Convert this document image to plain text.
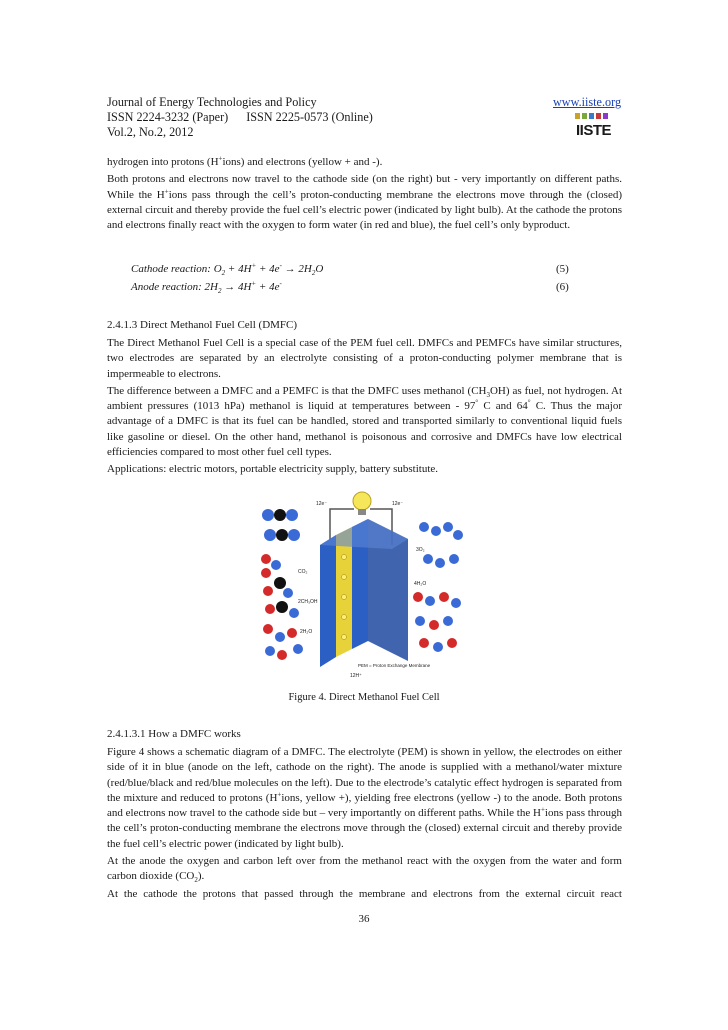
Journal of Energy Technologies and Policy
ISSN 2224-3232 (Paper) ISSN 2225-0573 (Online)
Vol.2, No.2, 2012
www.iiste.org
IISTE

hydrogen into protons (H+ions) and electrons (yellow + and -).

Both protons and electrons now travel to the cathode side (on the right) but - very importantly on different paths. While the H+ions pass through the cell’s proton-conducting membrane the electrons move through the (closed) external circuit and thereby provide the fuel cell’s electric power (indicated by light bulb). At the cathode the protons and electrons finally react with the oxygen to form water (in red and blue), the fuel cell’s only byproduct.

Cathode reaction: $O_2 + 4H^+ + 4e^- \to 2H_2O$	(5)
Anode reaction: $2H_2 \to 4H^+ + 4e^-$	(6)
2.4.1.3 Direct Methanol Fuel Cell (DMFC)

The Direct Methanol Fuel Cell is a special case of the PEM fuel cell. DMFCs and PEMFCs have similar structures, two electrodes are separated by an electrolyte consisting of a proton-conducting polymer membrane that is impermeable to electrons.

The difference between a DMFC and a PEMFC is that the DMFC uses methanol $(CH_3OH)$ as fuel, not hydrogen. At ambient pressures (1013 hPa) methanol is liquid at temperatures between - 97° C and 64° C. Thus the major advantage of a DMFC is that its fuel can be handled, stored and transported similarly to conventional liquid fuels like gasoline or diesel. On the other hand, methanol is poisonous and corrosive and DMFCs have low electrical efficiencies compared to most other fuel cell types.

Applications: electric motors, portable electricity supply, battery substitute.

CO₂
2CH₃OH
2H₂O
3O₂
4H₂O
12e⁻	12e⁻
PEM = Proton Exchange Membrane
12H⁺
Figure 4. Direct Methanol Fuel Cell
2.4.1.3.1 How a DMFC works

Figure 4 shows a schematic diagram of a DMFC. The electrolyte (PEM) is shown in yellow, the electrodes on either side of it in blue (anode on the left, cathode on the right). The anode is supplied with a methanol/water mixture (red/blue/black and red/blue molecules on the left). Due to the electrode’s catalytic effect hydrogen is separated from the mixture and reduced to protons (H+ions, yellow +), yielding free electrons (yellow -) to the anode. Both protons and electrons now travel to the cathode side but – very importantly on different paths. While the H+ions pass through the cell’s proton-conducting membrane the electrons move through the (closed) external circuit and thereby provide the fuel cell’s electric power (indicated by light bulb).

At the anode the oxygen and carbon left over from the methanol react with the oxygen from the water and form carbon dioxide $(CO_2)$.

At the cathode the protons that passed through the membrane and electrons from the external circuit react

36
